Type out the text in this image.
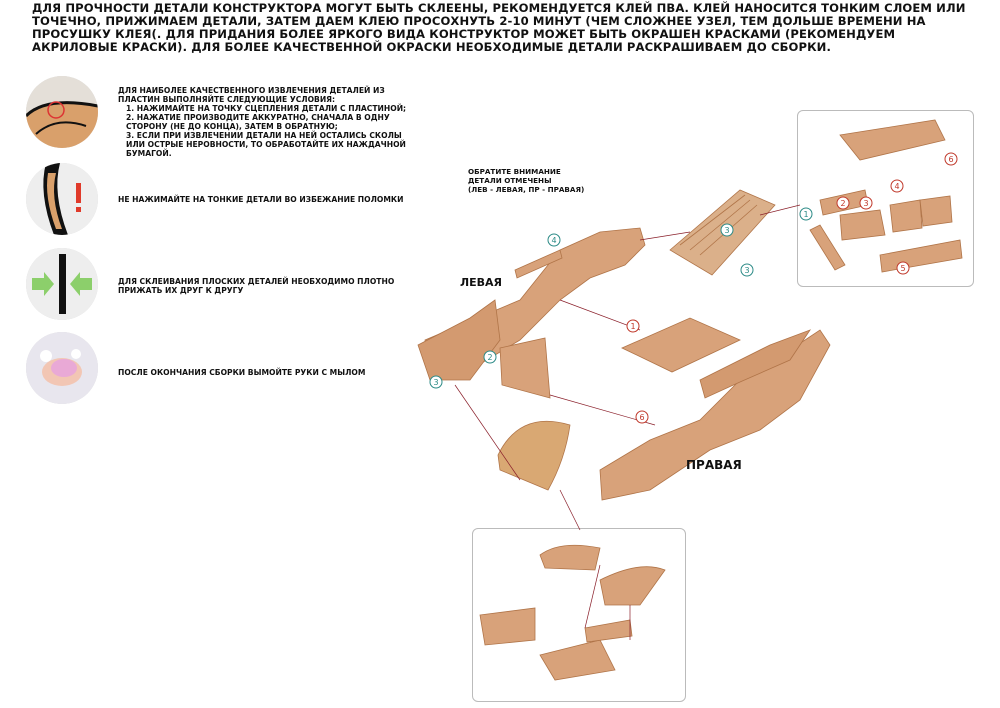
ДЛЯ ПРОЧНОСТИ ДЕТАЛИ КОНСТРУКТОРА МОГУТ БЫТЬ СКЛЕЕНЫ, РЕКОМЕНДУЕТСЯ КЛЕЙ ПВА. КЛЕЙ НАНОСИТСЯ ТОНКИМ СЛОЕМ ИЛИ ТОЧЕЧНО, ПРИЖИМАЕМ ДЕТАЛИ, ЗАТЕМ ДАЕМ КЛЕЮ ПРОСОХНУТЬ 2-10 МИНУТ (ЧЕМ СЛОЖНЕЕ УЗЕЛ, ТЕМ ДОЛЬШЕ ВРЕМЕНИ НА ПРОСУШКУ КЛЕЯ(. ДЛЯ ПРИДАНИЯ БОЛЕЕ ЯРКОГО ВИДА КОНСТРУКТОР МОЖЕТ БЫТЬ ОКРАШЕН КРАСКАМИ (РЕКОМЕНДУЕМ АКРИЛОВЫЕ КРАСКИ). ДЛЯ БОЛЕЕ КАЧЕСТВЕННОЙ ОКРАСКИ НЕОБХОДИМЫЕ ДЕТАЛИ РАСКРАШИВАЕМ ДО СБОРКИ.
ДЛЯ НАИБОЛЕЕ КАЧЕСТВЕННОГО ИЗВЛЕЧЕНИЯ ДЕТАЛЕЙ ИЗ ПЛАСТИН ВЫПОЛНЯЙТЕ СЛЕДУЮЩИЕ УСЛОВИЯ:
1. НАЖИМАЙТЕ НА ТОЧКУ СЦЕПЛЕНИЯ ДЕТАЛИ С ПЛАСТИНОЙ;
2. НАЖАТИЕ ПРОИЗВОДИТЕ АККУРАТНО, СНАЧАЛА В ОДНУ СТОРОНУ (НЕ ДО КОНЦА), ЗАТЕМ В ОБРАТНУЮ;
3. ЕСЛИ ПРИ ИЗВЛЕЧЕНИИ ДЕТАЛИ НА НЕЙ ОСТАЛИСЬ СКОЛЫ ИЛИ ОСТРЫЕ НЕРОВНОСТИ, ТО ОБРАБОТАЙТЕ ИХ НАЖДАЧНОЙ БУМАГОЙ.
НЕ НАЖИМАЙТЕ НА ТОНКИЕ ДЕТАЛИ ВО ИЗБЕЖАНИЕ ПОЛОМКИ
ДЛЯ СКЛЕИВАНИЯ ПЛОСКИХ ДЕТАЛЕЙ НЕОБХОДИМО ПЛОТНО ПРИЖАТЬ ИХ ДРУГ К ДРУГУ
ПОСЛЕ ОКОНЧАНИЯ СБОРКИ ВЫМОЙТЕ РУКИ С МЫЛОМ
ОБРАТИТЕ ВНИМАНИЕ
ДЕТАЛИ ОТМЕЧЕНЫ
(ЛЕВ - ЛЕВАЯ, ПР - ПРАВАЯ)
4
3
3
2
3
1
1
6
6
2 3
4
5
ЛЕВАЯ
ПРАВАЯ
